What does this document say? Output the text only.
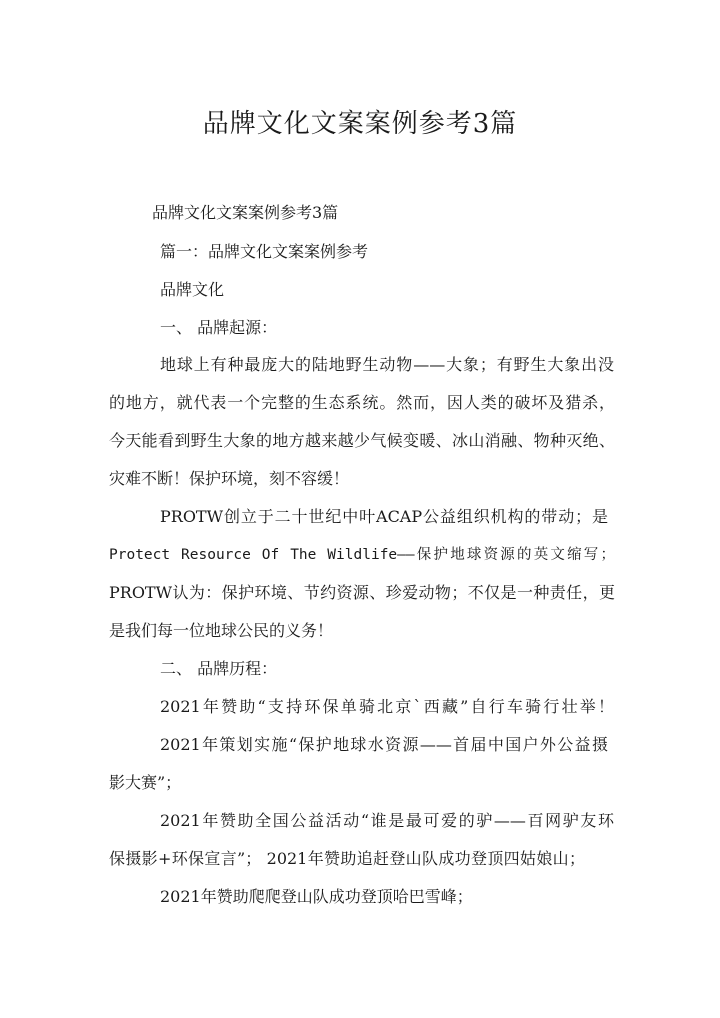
品牌文化文案案例参考3篇
品牌文化文案案例参考3篇
篇一：品牌文化文案案例参考
品牌文化
一、 品牌起源：
地球上有种最庞大的陆地野生动物——大象；有野生大象出没
的地方，就代表一个完整的生态系统。然而，因人类的破坏及猎杀，
今天能看到野生大象的地方越来越少气候变暖、冰山消融、物种灭绝、
灾难不断！保护环境，刻不容缓！
PROTW创立于二十世纪中叶ACAP公益组织机构的带动；是
Protect Resource Of The Wildlife——保护地球资源的英文缩写；
PROTW认为：保护环境、节约资源、珍爱动物；不仅是一种责任，更
是我们每一位地球公民的义务！
二、 品牌历程：
2021年赞助“支持环保单骑北京`西藏”自行车骑行壮举！
2021年策划实施“保护地球水资源——首届中国户外公益摄
影大赛”；
2021年赞助全国公益活动“谁是最可爱的驴——百网驴友环
保摄影+环保宣言”； 2021年赞助追赶登山队成功登顶四姑娘山；
2021年赞助爬爬登山队成功登顶哈巴雪峰；
